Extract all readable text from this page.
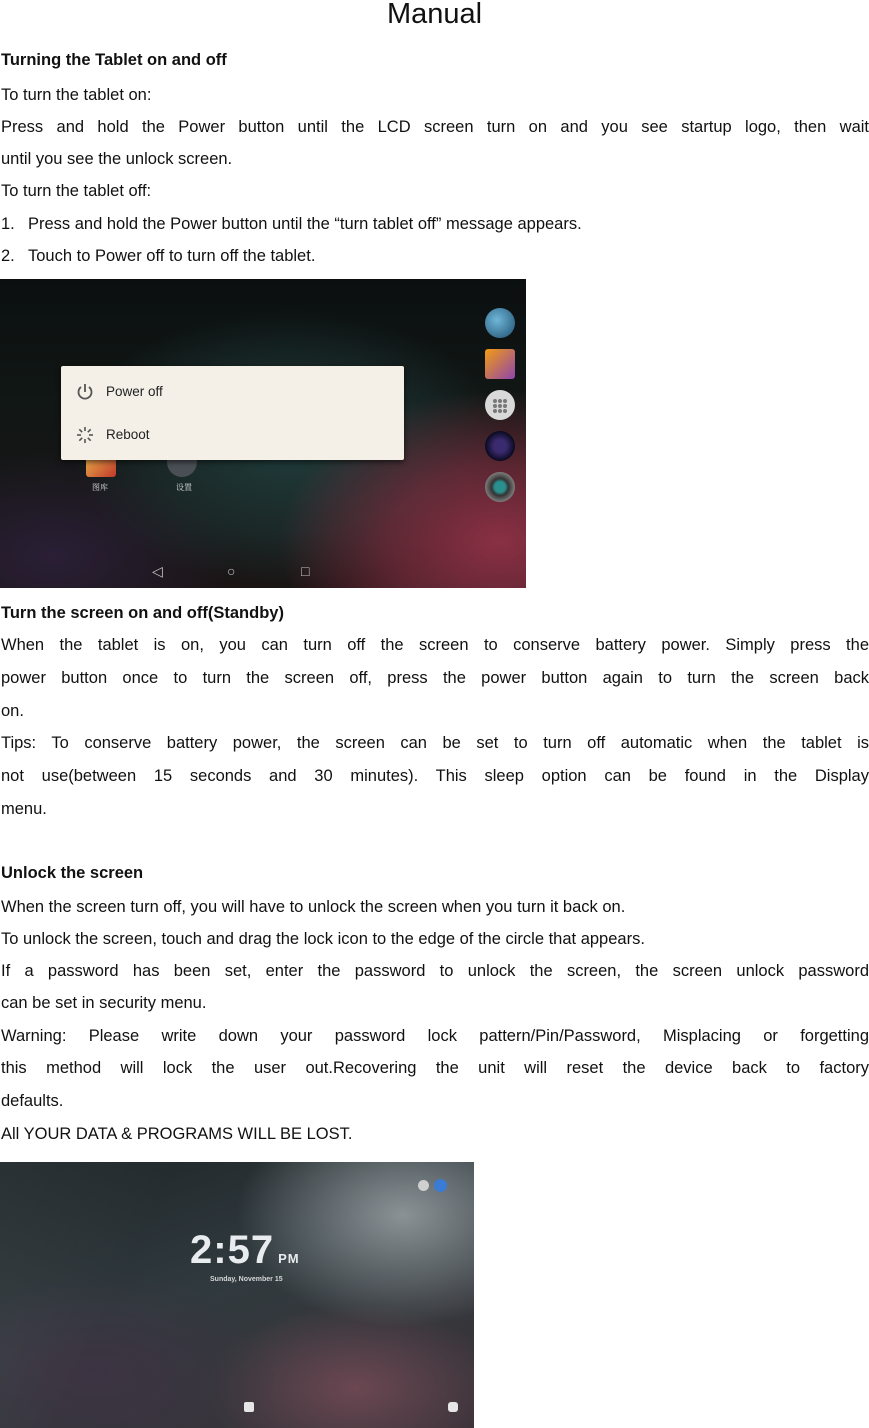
Manual
Turning the Tablet on and off
To turn the tablet on:
Press and hold the Power button until the LCD screen turn on and you see startup logo, then wait
until you see the unlock screen.
To turn the tablet off:
1. Press and hold the Power button until the “turn tablet off” message appears.
2. Touch to Power off to turn off the tablet.
图库	设置
Power off
Reboot
◁	○	□
Turn the screen on and off(Standby)
When the tablet is on, you can turn off the screen to conserve battery power. Simply press the
power button once to turn the screen off, press the power button again to turn the screen back
on.
Tips: To conserve battery power, the screen can be set to turn off automatic when the tablet is
not use(between 15 seconds and 30 minutes). This sleep option can be found in the Display
menu.
Unlock the screen
When the screen turn off, you will have to unlock the screen when you turn it back on.
To unlock the screen, touch and drag the lock icon to the edge of the circle that appears.
If a password has been set, enter the password to unlock the screen, the screen unlock password
can be set in security menu.
Warning: Please write down your password lock pattern/Pin/Password, Misplacing or forgetting
this method will lock the user out.Recovering the unit will reset the device back to factory
defaults.
All YOUR DATA & PROGRAMS WILL BE LOST.
2:57 PM
Sunday, November 15
